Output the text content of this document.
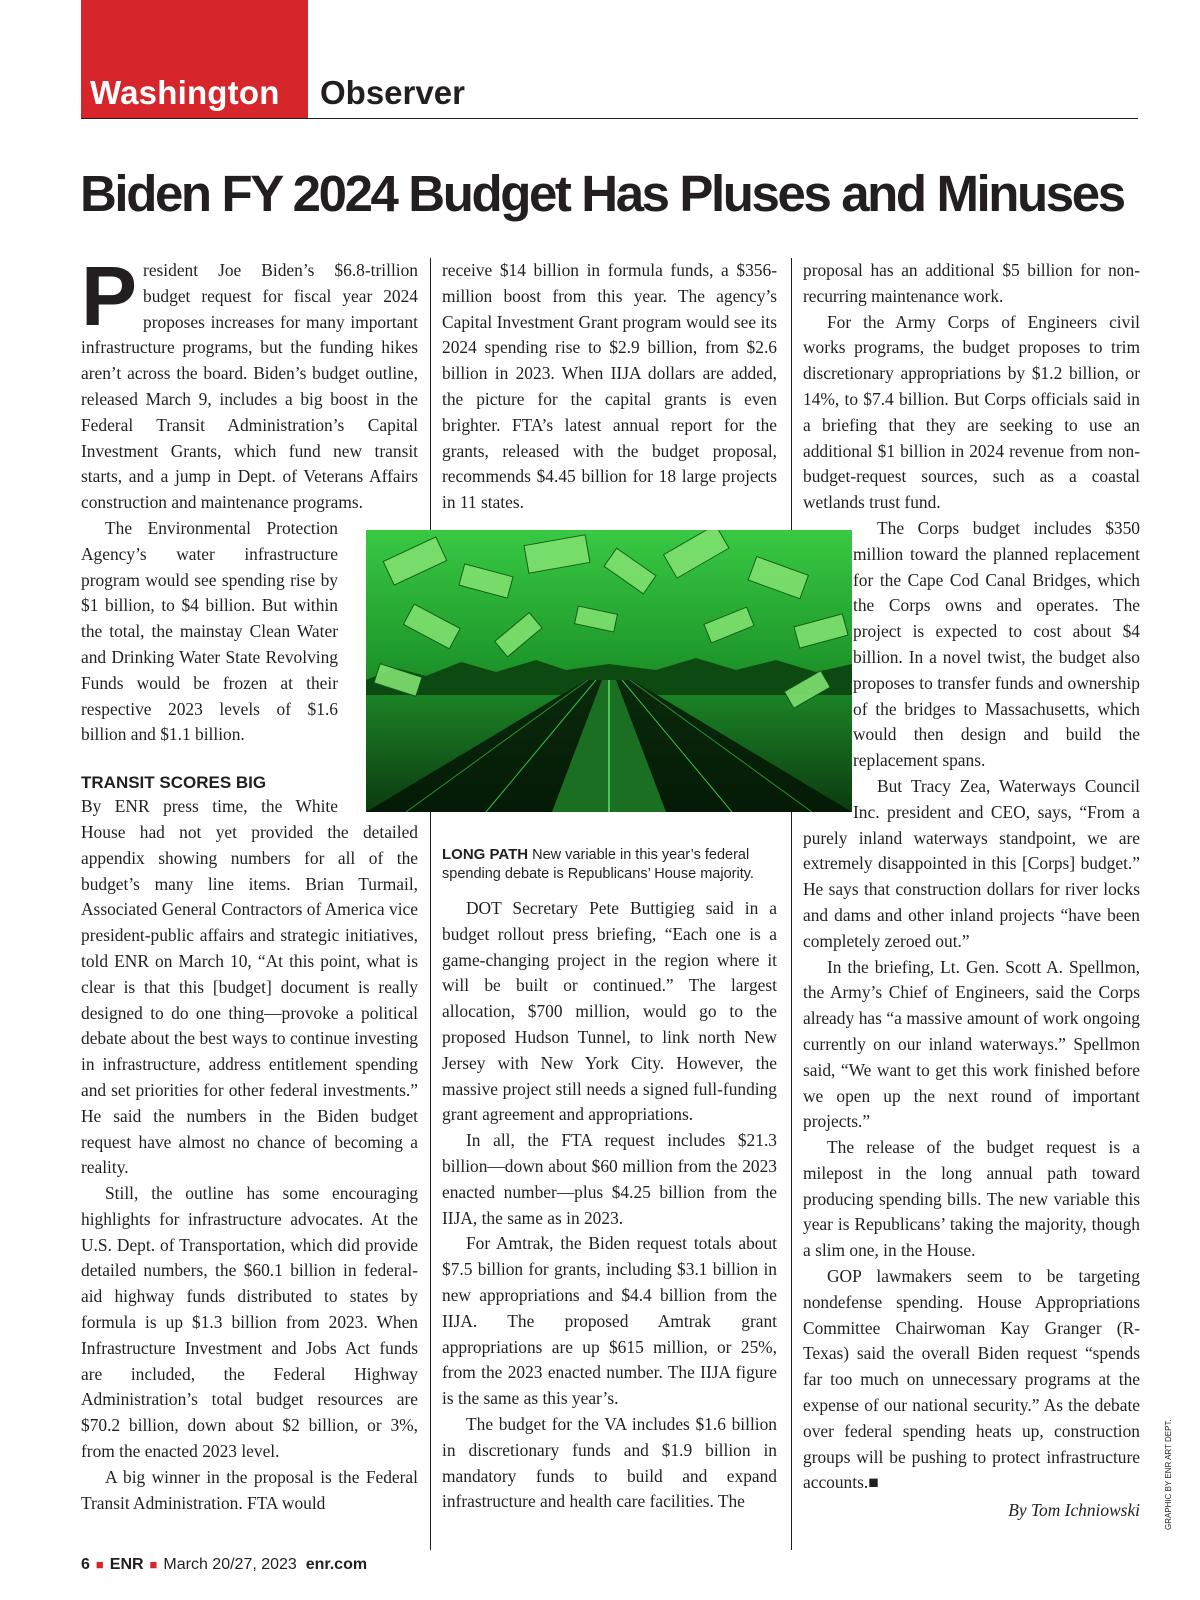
Washington Observer
Biden FY 2024 Budget Has Pluses and Minuses

President Joe Biden’s $6.8-trillion budget request for fiscal year 2024 proposes increases for many important infrastructure programs, but the funding hikes aren’t across the board. Biden’s budget outline, released March 9, includes a big boost in the Federal Transit Administration’s Capital Investment Grants, which fund new transit starts, and a jump in Dept. of Veterans Affairs construction and maintenance programs.

The Environmental Protection Agency’s water infrastructure program would see spending rise by $1 billion, to $4 billion. But within the total, the mainstay Clean Water and Drinking Water State Revolving Funds would be frozen at their respective 2023 levels of $1.6 billion and $1.1 billion.

TRANSIT SCORES BIG

By ENR press time, the White House had not yet provided the detailed appendix showing numbers for all of the budget’s many line items. Brian Turmail, Associated General Contractors of America vice president-public affairs and strategic initiatives, told ENR on March 10, “At this point, what is clear is that this [budget] document is really designed to do one thing—provoke a political debate about the best ways to continue investing in infrastructure, address entitlement spending and set priorities for other federal investments.” He said the numbers in the Biden budget request have almost no chance of becoming a reality.

Still, the outline has some encouraging highlights for infrastructure advocates. At the U.S. Dept. of Transportation, which did provide detailed numbers, the $60.1 billion in federal-aid highway funds distributed to states by formula is up $1.3 billion from 2023. When Infrastructure Investment and Jobs Act funds are included, the Federal Highway Administration’s total budget resources are $70.2 billion, down about $2 billion, or 3%, from the enacted 2023 level.

A big winner in the proposal is the Federal Transit Administration. FTA would

receive $14 billion in formula funds, a $356-million boost from this year. The agency’s Capital Investment Grant program would see its 2024 spending rise to $2.9 billion, from $2.6 billion in 2023. When IIJA dollars are added, the picture for the capital grants is even brighter. FTA’s latest annual report for the grants, released with the budget proposal, recommends $4.45 billion for 18 large projects in 11 states.

DOT Secretary Pete Buttigieg said in a budget rollout press briefing, “Each one is a game-changing project in the region where it will be built or continued.” The largest allocation, $700 million, would go to the proposed Hudson Tunnel, to link north New Jersey with New York City. However, the massive project still needs a signed full-funding grant agreement and appropriations.

In all, the FTA request includes $21.3 billion—down about $60 million from the 2023 enacted number—plus $4.25 billion from the IIJA, the same as in 2023.

For Amtrak, the Biden request totals about $7.5 billion for grants, including $3.1 billion in new appropriations and $4.4 billion from the IIJA. The proposed Amtrak grant appropriations are up $615 million, or 25%, from the 2023 enacted number. The IIJA figure is the same as this year’s.

The budget for the VA includes $1.6 billion in discretionary funds and $1.9 billion in mandatory funds to build and expand infrastructure and health care facilities. The

proposal has an additional $5 billion for non-recurring maintenance work.

For the Army Corps of Engineers civil works programs, the budget proposes to trim discretionary appropriations by $1.2 billion, or 14%, to $7.4 billion. But Corps officials said in a briefing that they are seeking to use an additional $1 billion in 2024 revenue from non-budget-request sources, such as a coastal wetlands trust fund.

The Corps budget includes $350 million toward the planned replacement for the Cape Cod Canal Bridges, which the Corps owns and operates. The project is expected to cost about $4 billion. In a novel twist, the budget also proposes to transfer funds and ownership of the bridges to Massachusetts, which would then design and build the replacement spans.

But Tracy Zea, Waterways Council Inc. president and CEO, says, “From a purely inland waterways standpoint, we are extremely disappointed in this [Corps] budget.” He says that construction dollars for river locks and dams and other inland projects “have been completely zeroed out.”

In the briefing, Lt. Gen. Scott A. Spellmon, the Army’s Chief of Engineers, said the Corps already has “a massive amount of work ongoing currently on our inland waterways.” Spellmon said, “We want to get this work finished before we open up the next round of important projects.”

The release of the budget request is a milepost in the long annual path toward producing spending bills. The new variable this year is Republicans’ taking the majority, though a slim one, in the House.

GOP lawmakers seem to be targeting nondefense spending. House Appropriations Committee Chairwoman Kay Granger (R-Texas) said the overall Biden request “spends far too much on unnecessary programs at the expense of our national security.” As the debate over federal spending heats up, construction groups will be pushing to protect infrastructure accounts.■

By Tom Ichniowski

LONG PATH New variable in this year’s federal spending debate is Republicans’ House majority.
GRAPHIC BY ENR ART DEPT.
6 ■ ENR ■ March 20/27, 2023 enr.com
